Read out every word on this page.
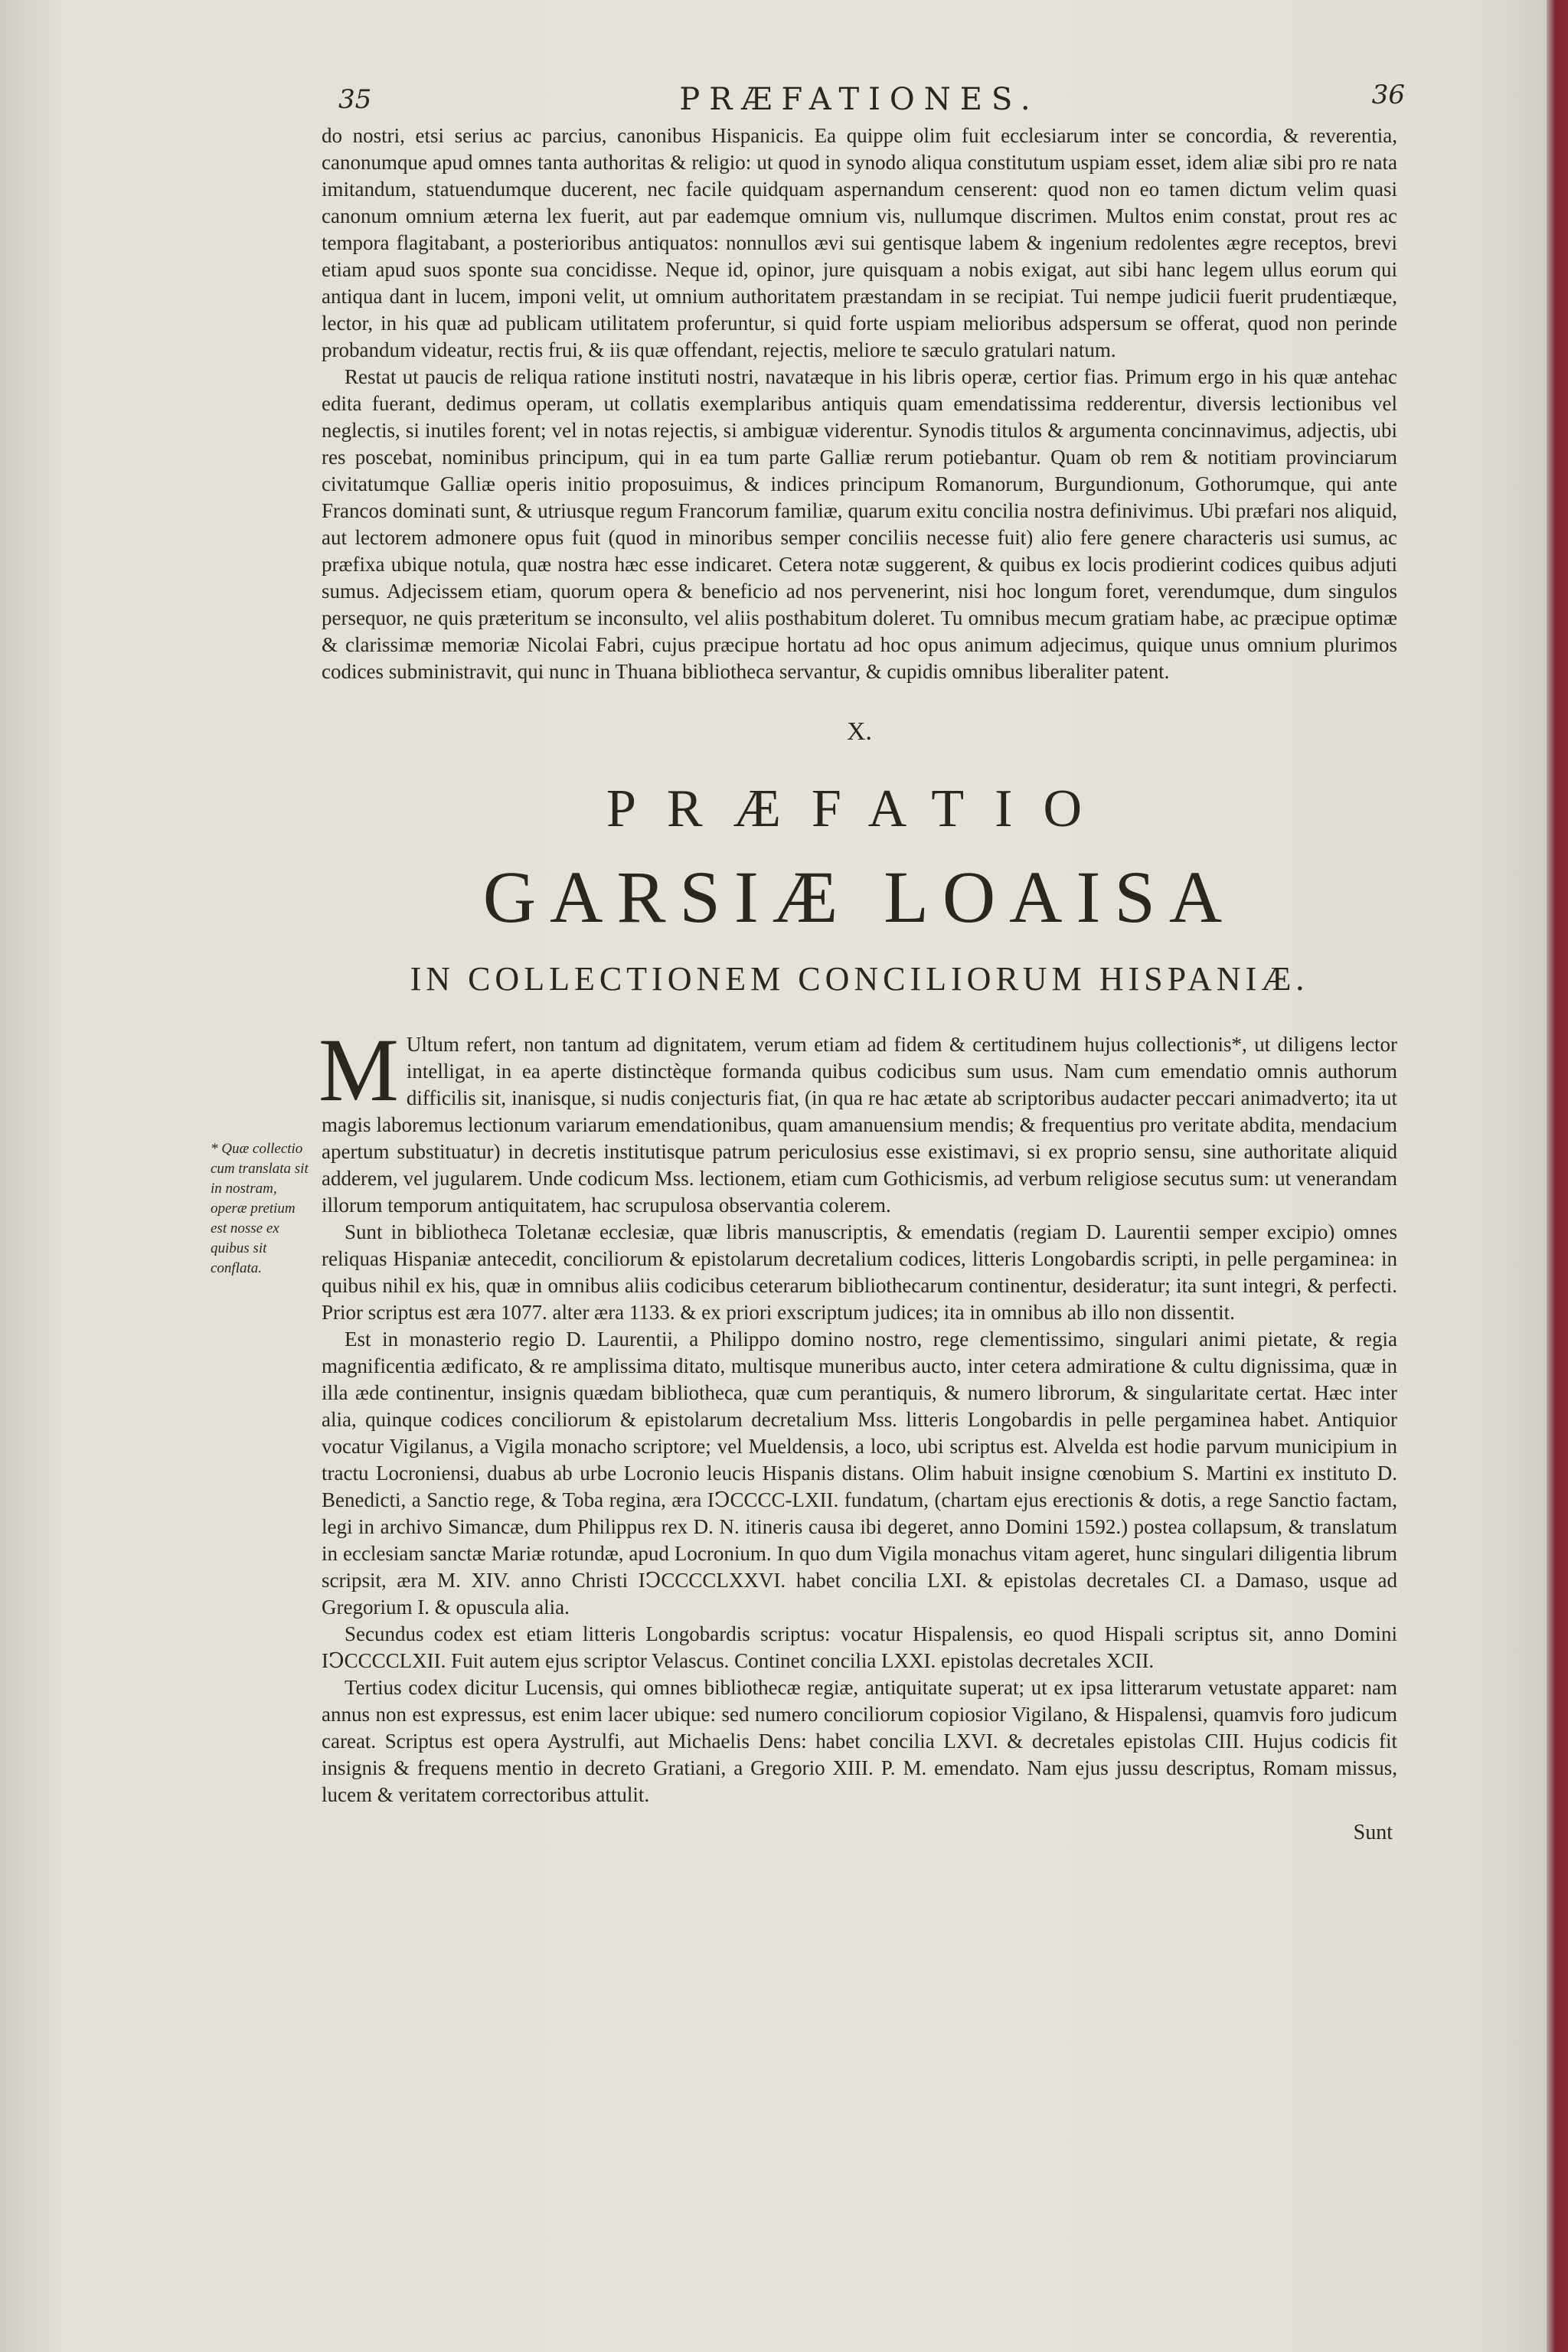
35	PRÆFATIONES.	36

do nostri, etsi serius ac parcius, canonibus Hispanicis. Ea quippe olim fuit ecclesiarum inter se concordia, & reverentia, canonumque apud omnes tanta authoritas & religio: ut quod in synodo aliqua constitutum uspiam esset, idem aliæ sibi pro re nata imitandum, statuendumque ducerent, nec facile quidquam aspernandum censerent: quod non eo tamen dictum velim quasi canonum omnium æterna lex fuerit, aut par eademque omnium vis, nullumque discrimen. Multos enim constat, prout res ac tempora flagitabant, a posterioribus antiquatos: nonnullos ævi sui gentisque labem & ingenium redolentes ægre receptos, brevi etiam apud suos sponte sua concidisse. Neque id, opinor, jure quisquam a nobis exigat, aut sibi hanc legem ullus eorum qui antiqua dant in lucem, imponi velit, ut omnium authoritatem præstandam in se recipiat. Tui nempe judicii fuerit prudentiæque, lector, in his quæ ad publicam utilitatem proferuntur, si quid forte uspiam melioribus adspersum se offerat, quod non perinde probandum videatur, rectis frui, & iis quæ offendant, rejectis, meliore te sæculo gratulari natum.

Restat ut paucis de reliqua ratione instituti nostri, navatæque in his libris operæ, certior fias. Primum ergo in his quæ antehac edita fuerant, dedimus operam, ut collatis exemplaribus antiquis quam emendatissima redderentur, diversis lectionibus vel neglectis, si inutiles forent; vel in notas rejectis, si ambiguæ viderentur. Synodis titulos & argumenta concinnavimus, adjectis, ubi res poscebat, nominibus principum, qui in ea tum parte Galliæ rerum potiebantur. Quam ob rem & notitiam provinciarum civitatumque Galliæ operis initio proposuimus, & indices principum Romanorum, Burgundionum, Gothorumque, qui ante Francos dominati sunt, & utriusque regum Francorum familiæ, quarum exitu concilia nostra definivimus. Ubi præfari nos aliquid, aut lectorem admonere opus fuit (quod in minoribus semper conciliis necesse fuit) alio fere genere characteris usi sumus, ac præfixa ubique notula, quæ nostra hæc esse indicaret. Cetera notæ suggerent, & quibus ex locis prodierint codices quibus adjuti sumus. Adjecissem etiam, quorum opera & beneficio ad nos pervenerint, nisi hoc longum foret, verendumque, dum singulos persequor, ne quis præteritum se inconsulto, vel aliis posthabitum doleret. Tu omnibus mecum gratiam habe, ac præcipue optimæ & clarissimæ memoriæ Nicolai Fabri, cujus præcipue hortatu ad hoc opus animum adjecimus, quique unus omnium plurimos codices subministravit, qui nunc in Thuana bibliotheca servantur, & cupidis omnibus liberaliter patent.

X.
PRÆFATIO
GARSIÆ LOAISA
IN COLLECTIONEM CONCILIORUM HISPANIÆ.

M Ultum refert, non tantum ad dignitatem, verum etiam ad fidem & certitudinem hujus collectionis*, ut diligens lector intelligat, in ea aperte distinctèque formanda quibus codicibus sum usus. Nam cum emendatio omnis authorum difficilis sit, inanisque, si nudis conjecturis fiat, (in qua re hac ætate ab scriptoribus audacter peccari animadverto; ita ut magis laboremus lectionum variarum emendationibus, quam amanuensium mendis; & frequentius pro veritate abdita, mendacium apertum substituatur) in decretis institutisque patrum periculosius esse existimavi, si ex proprio sensu, sine authoritate aliquid adderem, vel jugularem. Unde codicum Mss. lectionem, etiam cum Gothicismis, ad verbum religiose secutus sum: ut venerandam illorum temporum antiquitatem, hac scrupulosa observantia colerem.

Sunt in bibliotheca Toletanæ ecclesiæ, quæ libris manuscriptis, & emendatis (regiam D. Laurentii semper excipio) omnes reliquas Hispaniæ antecedit, conciliorum & epistolarum decretalium codices, litteris Longobardis scripti, in pelle pergaminea: in quibus nihil ex his, quæ in omnibus aliis codicibus ceterarum bibliothecarum continentur, desideratur; ita sunt integri, & perfecti. Prior scriptus est æra 1077. alter æra 1133. & ex priori exscriptum judices; ita in omnibus ab illo non dissentit.

Est in monasterio regio D. Laurentii, a Philippo domino nostro, rege clementissimo, singulari animi pietate, & regia magnificentia ædificato, & re amplissima ditato, multisque muneribus aucto, inter cetera admiratione & cultu dignissima, quæ in illa æde continentur, insignis quædam bibliotheca, quæ cum perantiquis, & numero librorum, & singularitate certat. Hæc inter alia, quinque codices conciliorum & epistolarum decretalium Mss. litteris Longobardis in pelle pergaminea habet. Antiquior vocatur Vigilanus, a Vigila monacho scriptore; vel Mueldensis, a loco, ubi scriptus est. Alvelda est hodie parvum municipium in tractu Locroniensi, duabus ab urbe Locronio leucis Hispanis distans. Olim habuit insigne cœnobium S. Martini ex instituto D. Benedicti, a Sanctio rege, & Toba regina, æra IↃCCCC-LXII. fundatum, (chartam ejus erectionis & dotis, a rege Sanctio factam, legi in archivo Simancæ, dum Philippus rex D. N. itineris causa ibi degeret, anno Domini 1592.) postea collapsum, & translatum in ecclesiam sanctæ Mariæ rotundæ, apud Locronium. In quo dum Vigila monachus vitam ageret, hunc singulari diligentia librum scripsit, æra M. XIV. anno Christi IↃCCCCLXXVI. habet concilia LXI. & epistolas decretales CI. a Damaso, usque ad Gregorium I. & opuscula alia.

Secundus codex est etiam litteris Longobardis scriptus: vocatur Hispalensis, eo quod Hispali scriptus sit, anno Domini IↃCCCCLXII. Fuit autem ejus scriptor Velascus. Continet concilia LXXI. epistolas decretales XCII.

Tertius codex dicitur Lucensis, qui omnes bibliothecæ regiæ, antiquitate superat; ut ex ipsa litterarum vetustate apparet: nam annus non est expressus, est enim lacer ubique: sed numero conciliorum copiosior Vigilano, & Hispalensi, quamvis foro judicum careat. Scriptus est opera Aystrulfi, aut Michaelis Dens: habet concilia LXVI. & decretales epistolas CIII. Hujus codicis fit insignis & frequens mentio in decreto Gratiani, a Gregorio XIII. P. M. emendato. Nam ejus jussu descriptus, Romam missus, lucem & veritatem correctoribus attulit.

Sunt
* Quæ collectio cum translata sit in nostram, operæ pretium est nosse ex quibus sit conflata.
